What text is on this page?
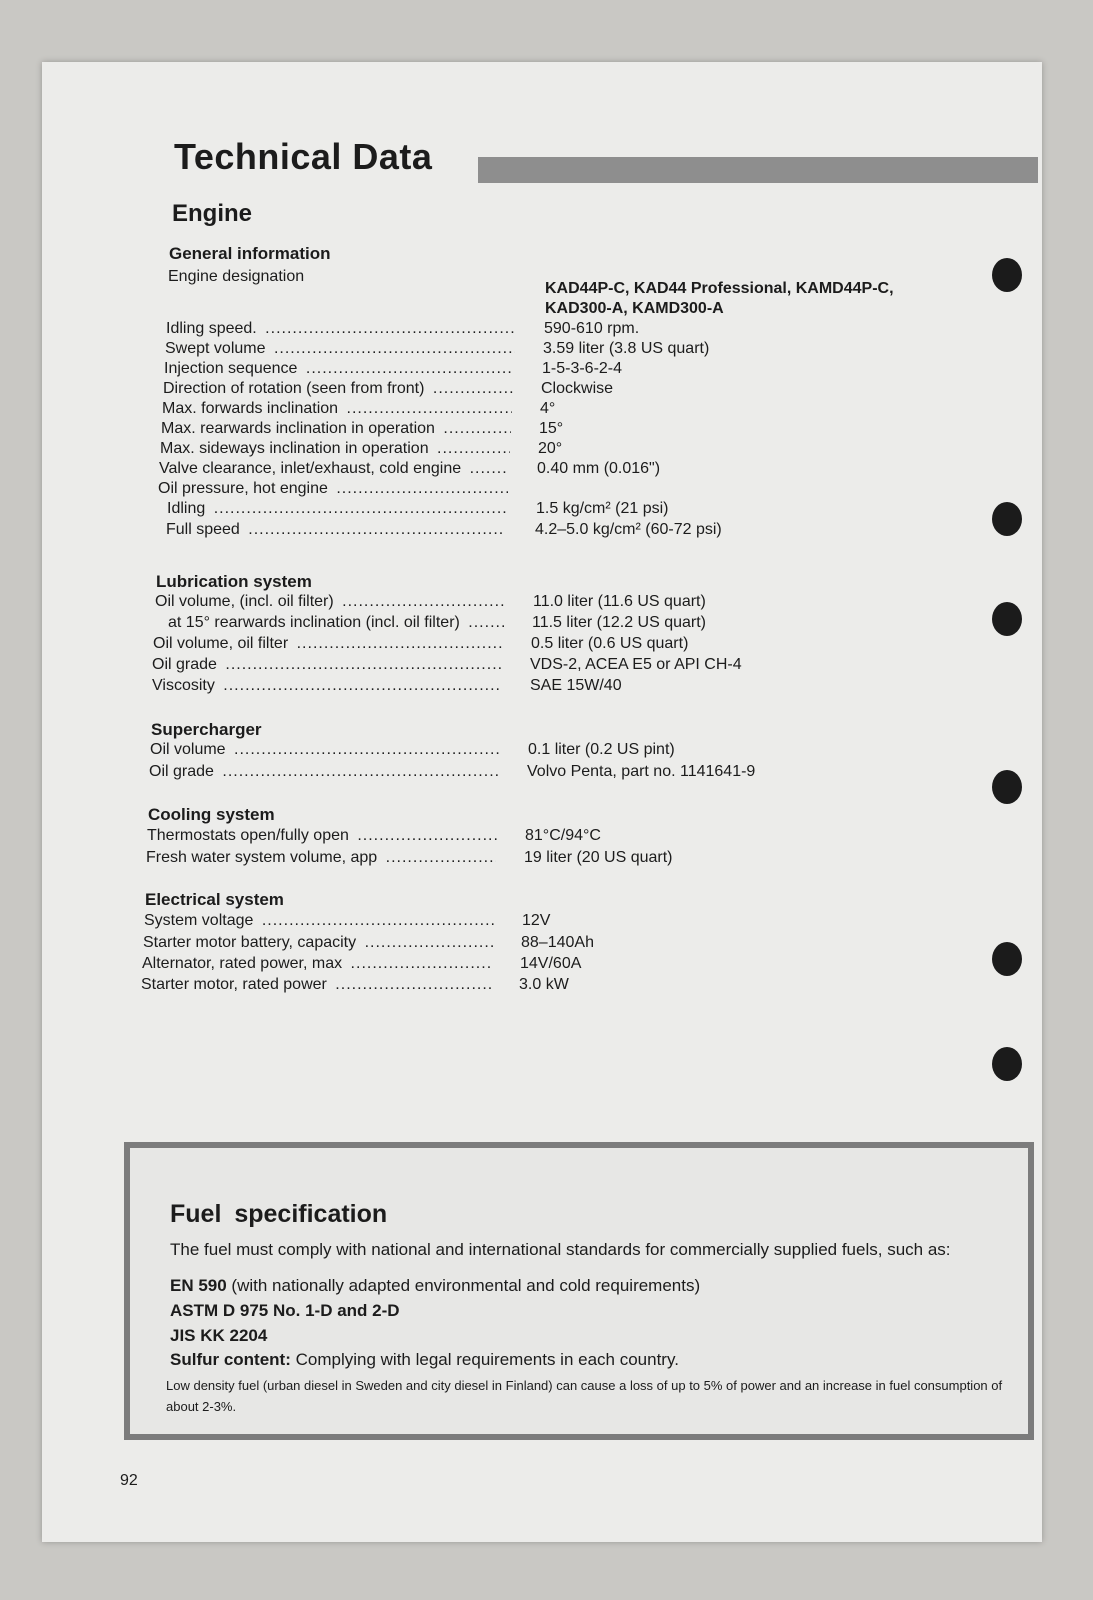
Technical Data
Engine
General information
Engine designation
KAD44P-C, KAD44 Professional, KAMD44P-C, KAD300-A, KAMD300-A
Idling speed. .....	590-610 rpm.
Swept volume .....	3.59 liter (3.8 US quart)
Injection sequence .....	1-5-3-6-2-4
Direction of rotation (seen from front) .....	Clockwise
Max. forwards inclination .....	4°
Max. rearwards inclination in operation .....	15°
Max. sideways inclination in operation .....	20°
Valve clearance, inlet/exhaust, cold engine .....	0.40 mm (0.016")
Oil pressure, hot engine .....
Idling .....	1.5 kg/cm² (21 psi)
Full speed .....	4.2–5.0 kg/cm² (60-72 psi)
Lubrication system
Oil volume, (incl. oil filter) .....	11.0 liter (11.6 US quart)
at 15° rearwards inclination (incl. oil filter) .....	11.5 liter (12.2 US quart)
Oil volume, oil filter .....	0.5 liter (0.6 US quart)
Oil grade .....	VDS-2, ACEA E5 or API CH-4
Viscosity .....	SAE 15W/40
Supercharger
Oil volume .....	0.1 liter (0.2 US pint)
Oil grade .....	Volvo Penta, part no. 1141641-9
Cooling system
Thermostats open/fully open .....	81°C/94°C
Fresh water system volume, app .....	19 liter (20 US quart)
Electrical system
System voltage .....	12V
Starter motor battery, capacity .....	88–140Ah
Alternator, rated power, max .....	14V/60A
Starter motor, rated power .....	3.0 kW
Fuel specification
The fuel must comply with national and international standards for commercially supplied fuels, such as:
EN 590 (with nationally adapted environmental and cold requirements)
ASTM D 975 No. 1-D and 2-D
JIS KK 2204
Sulfur content: Complying with legal requirements in each country.
Low density fuel (urban diesel in Sweden and city diesel in Finland) can cause a loss of up to 5% of power and an increase in fuel consumption of about 2-3%.
92
